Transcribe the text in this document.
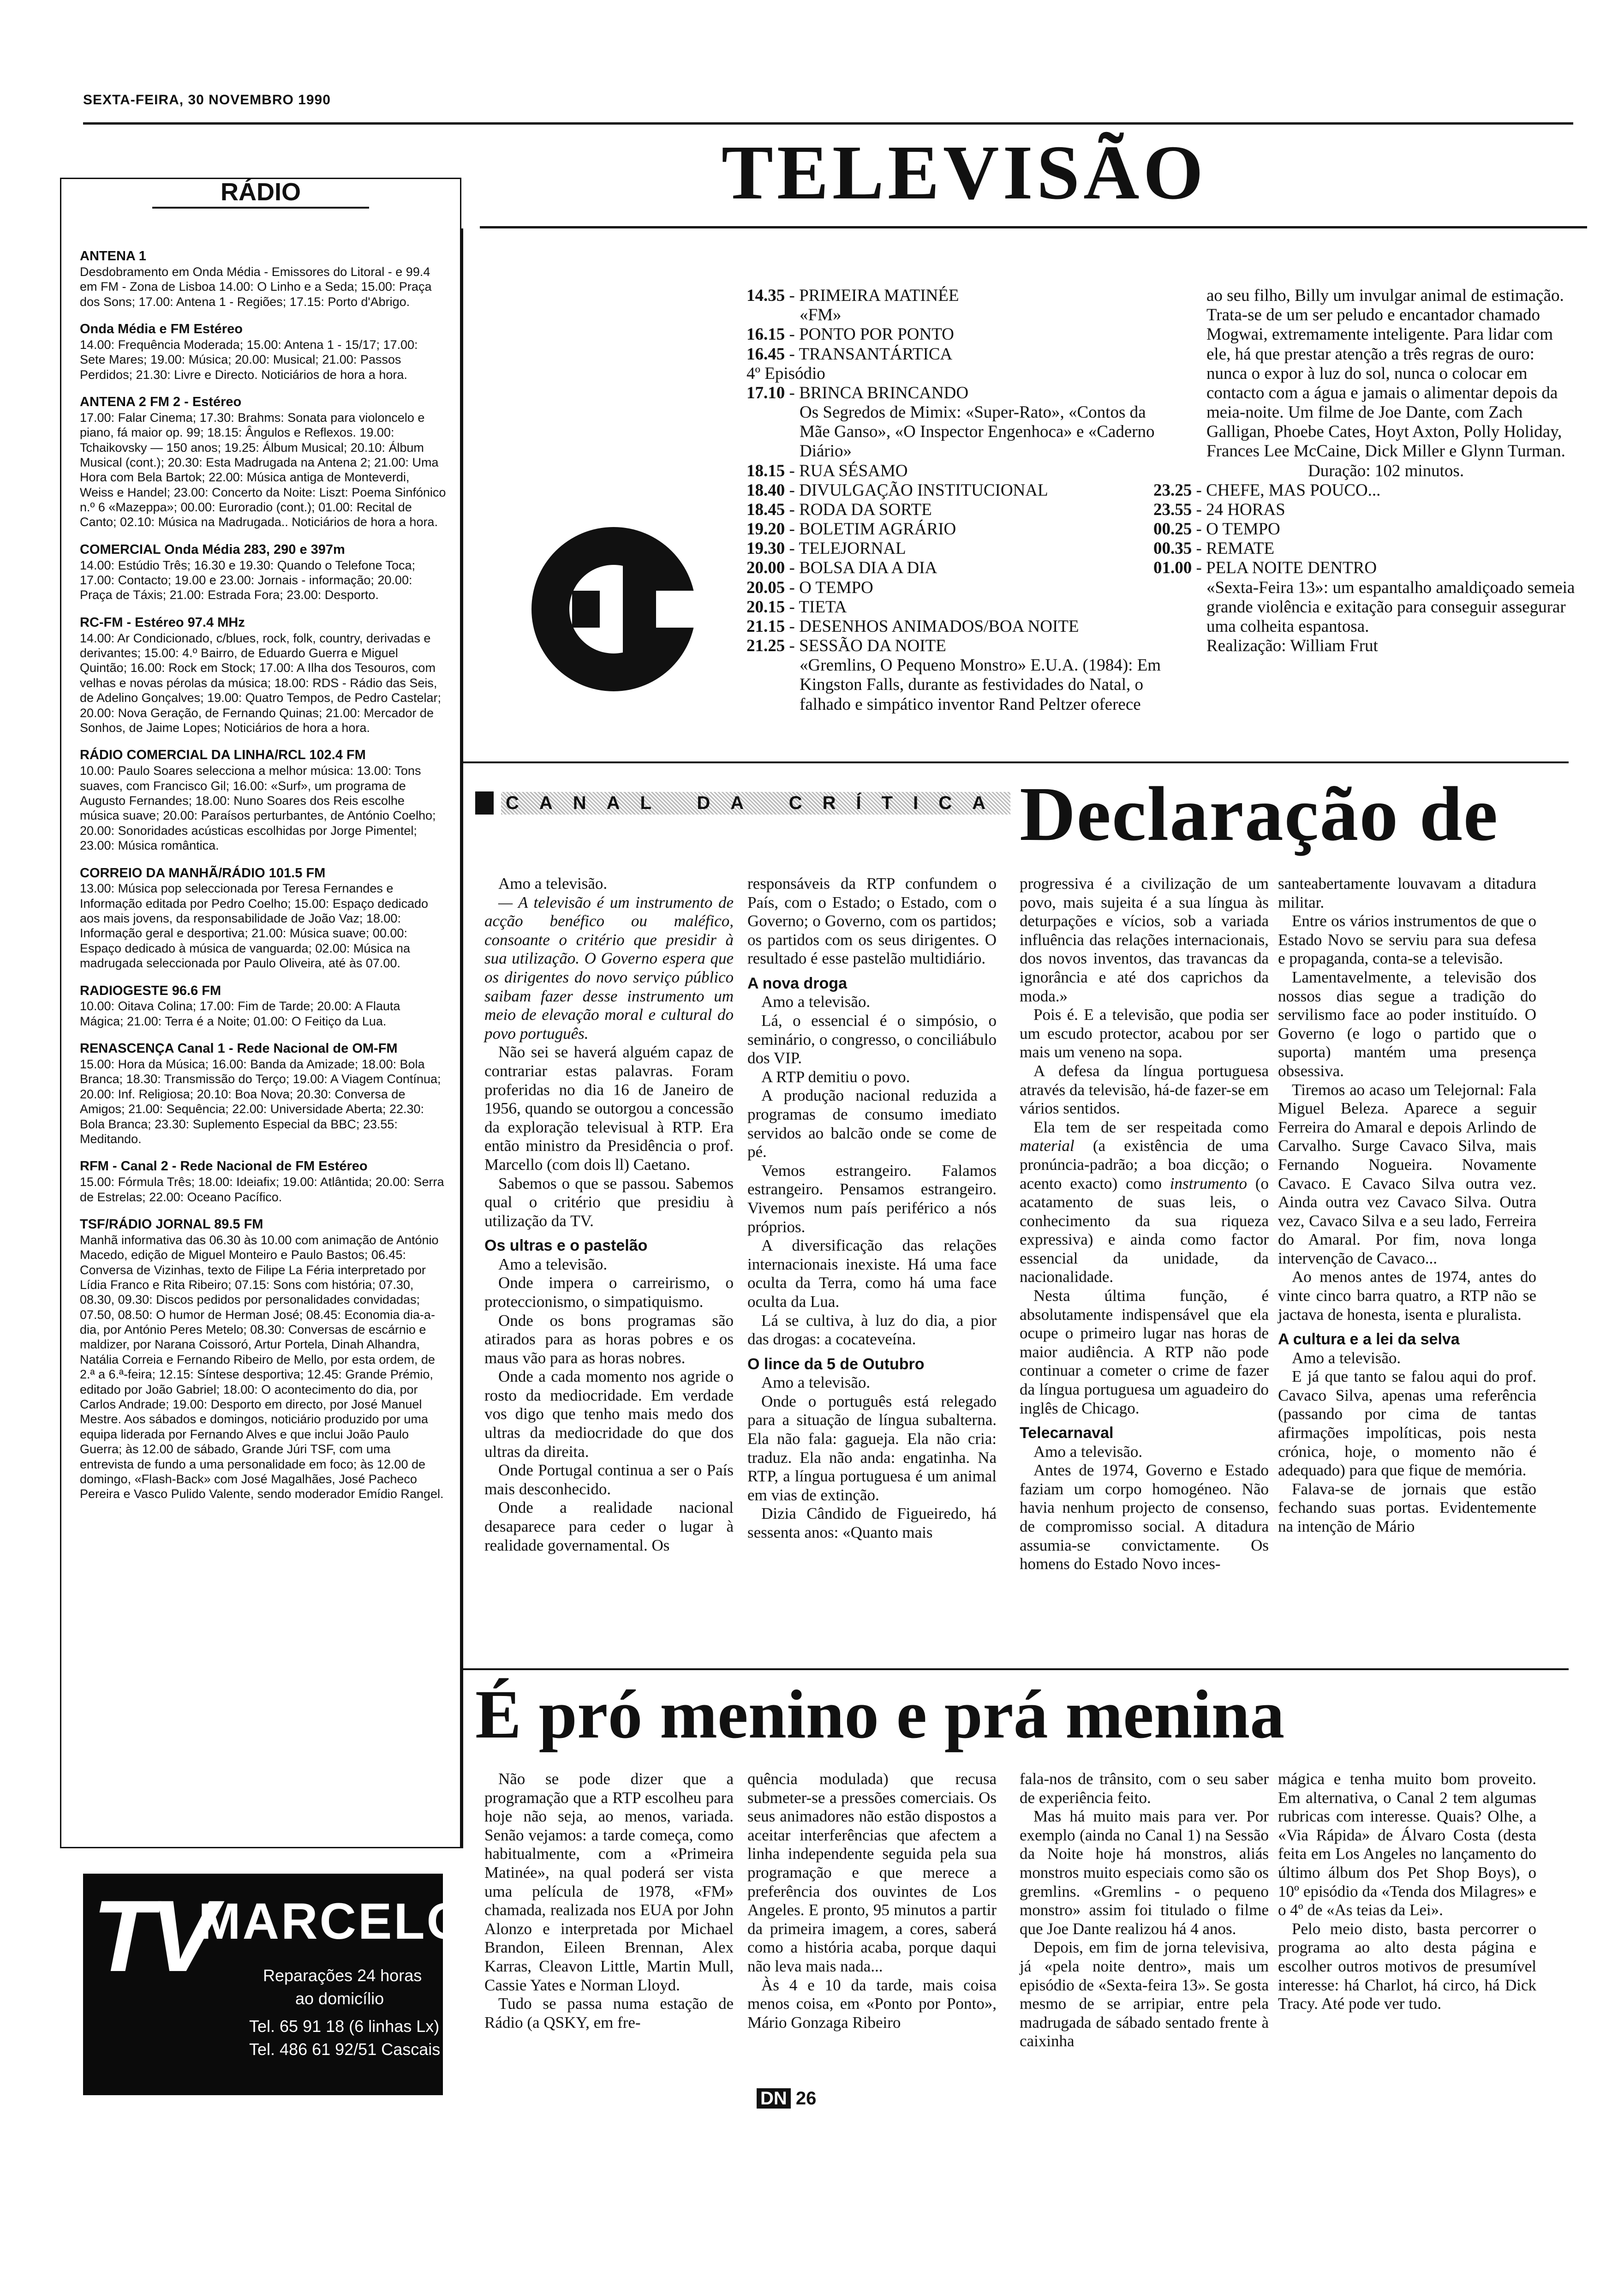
SEXTA-FEIRA, 30 NOVEMBRO 1990
TELEVISÃO
ANTENA 1

Desdobramento em Onda Média - Emissores do Litoral - e 99.4 em FM - Zona de Lisboa 14.00: O Linho e a Seda; 15.00: Praça dos Sons; 17.00: Antena 1 - Regiões; 17.15: Porto d'Abrigo.

Onda Média e FM Estéreo

14.00: Frequência Moderada; 15.00: Antena 1 - 15/17; 17.00: Sete Mares; 19.00: Música; 20.00: Musical; 21.00: Passos Perdidos; 21.30: Livre e Directo. Noticiários de hora a hora.

ANTENA 2 FM 2 - Estéreo

17.00: Falar Cinema; 17.30: Brahms: Sonata para violoncelo e piano, fá maior op. 99; 18.15: Ângulos e Reflexos. 19.00: Tchaikovsky — 150 anos; 19.25: Álbum Musical; 20.10: Álbum Musical (cont.); 20.30: Esta Madrugada na Antena 2; 21.00: Uma Hora com Bela Bartok; 22.00: Música antiga de Monteverdi, Weiss e Handel; 23.00: Concerto da Noite: Liszt: Poema Sinfónico n.º 6 «Mazeppa»; 00.00: Euroradio (cont.); 01.00: Recital de Canto; 02.10: Música na Madrugada.. Noticiários de hora a hora.

COMERCIAL Onda Média 283, 290 e 397m

14.00: Estúdio Três; 16.30 e 19.30: Quando o Telefone Toca; 17.00: Contacto; 19.00 e 23.00: Jornais - informação; 20.00: Praça de Táxis; 21.00: Estrada Fora; 23.00: Desporto.

RC-FM - Estéreo 97.4 MHz

14.00: Ar Condicionado, c/blues, rock, folk, country, derivadas e derivantes; 15.00: 4.º Bairro, de Eduardo Guerra e Miguel Quintão; 16.00: Rock em Stock; 17.00: A Ilha dos Tesouros, com velhas e novas pérolas da música; 18.00: RDS - Rádio das Seis, de Adelino Gonçalves; 19.00: Quatro Tempos, de Pedro Castelar; 20.00: Nova Geração, de Fernando Quinas; 21.00: Mercador de Sonhos, de Jaime Lopes; Noticiários de hora a hora.

RÁDIO COMERCIAL DA LINHA/RCL 102.4 FM

10.00: Paulo Soares selecciona a melhor música: 13.00: Tons suaves, com Francisco Gil; 16.00: «Surf», um programa de Augusto Fernandes; 18.00: Nuno Soares dos Reis escolhe música suave; 20.00: Paraísos perturbantes, de António Coelho; 20.00: Sonoridades acústicas escolhidas por Jorge Pimentel; 23.00: Música romântica.

CORREIO DA MANHÃ/RÁDIO 101.5 FM

13.00: Música pop seleccionada por Teresa Fernandes e Informação editada por Pedro Coelho; 15.00: Espaço dedicado aos mais jovens, da responsabilidade de João Vaz; 18.00: Informação geral e desportiva; 21.00: Música suave; 00.00: Espaço dedicado à música de vanguarda; 02.00: Música na madrugada seleccionada por Paulo Oliveira, até às 07.00.

RADIOGESTE 96.6 FM

10.00: Oitava Colina; 17.00: Fim de Tarde; 20.00: A Flauta Mágica; 21.00: Terra é a Noite; 01.00: O Feitiço da Lua.

RENASCENÇA Canal 1 - Rede Nacional de OM-FM

15.00: Hora da Música; 16.00: Banda da Amizade; 18.00: Bola Branca; 18.30: Transmissão do Terço; 19.00: A Viagem Contínua; 20.00: Inf. Religiosa; 20.10: Boa Nova; 20.30: Conversa de Amigos; 21.00: Sequência; 22.00: Universidade Aberta; 22.30: Bola Branca; 23.30: Suplemento Especial da BBC; 23.55: Meditando.

RFM - Canal 2 - Rede Nacional de FM Estéreo

15.00: Fórmula Três; 18.00: Ideiafix; 19.00: Atlântida; 20.00: Serra de Estrelas; 22.00: Oceano Pacífico.

TSF/RÁDIO JORNAL 89.5 FM

Manhã informativa das 06.30 às 10.00 com animação de António Macedo, edição de Miguel Monteiro e Paulo Bastos; 06.45: Conversa de Vizinhas, texto de Filipe La Féria interpretado por Lídia Franco e Rita Ribeiro; 07.15: Sons com história; 07.30, 08.30, 09.30: Discos pedidos por personalidades convidadas; 07.50, 08.50: O humor de Herman José; 08.45: Economia dia-a-dia, por António Peres Metelo; 08.30: Conversas de escárnio e maldizer, por Narana Coissoró, Artur Portela, Dinah Alhandra, Natália Correia e Fernando Ribeiro de Mello, por esta ordem, de 2.ª a 6.ª-feira; 12.15: Síntese desportiva; 12.45: Grande Prémio, editado por João Gabriel; 18.00: O acontecimento do dia, por Carlos Andrade; 19.00: Desporto em directo, por José Manuel Mestre. Aos sábados e domingos, noticiário produzido por uma equipa liderada por Fernando Alves e que inclui João Paulo Guerra; às 12.00 de sábado, Grande Júri TSF, com uma entrevista de fundo a uma personalidade em foco; às 12.00 de domingo, «Flash-Back» com José Magalhães, José Pacheco Pereira e Vasco Pulido Valente, sendo moderador Emídio Rangel.

RÁDIO
TV
MARCELO
Reparações 24 horas
ao domicílio
Tel. 65 91 18 (6 linhas Lx)
Tel. 486 61 92/51 Cascais
14.35 - PRIMEIRA MATINÉE
«FM»
16.15 - PONTO POR PONTO
16.45 - TRANSANTÁRTICA
4º Episódio
17.10 - BRINCA BRINCANDO
Os Segredos de Mimix: «Super-Rato», «Contos da Mãe Ganso», «O Inspector Engenhoca» e «Caderno Diário»
18.15 - RUA SÉSAMO
18.40 - DIVULGAÇÃO INSTITUCIONAL
18.45 - RODA DA SORTE
19.20 - BOLETIM AGRÁRIO
19.30 - TELEJORNAL
20.00 - BOLSA DIA A DIA
20.05 - O TEMPO
20.15 - TIETA
21.15 - DESENHOS ANIMADOS/BOA NOITE
21.25 - SESSÃO DA NOITE
«Gremlins, O Pequeno Monstro» E.U.A. (1984): Em Kingston Falls, durante as festividades do Natal, o falhado e simpático inventor Rand Peltzer oferece
ao seu filho, Billy um invulgar animal de estimação. Trata-se de um ser peludo e encantador chamado Mogwai, extremamente inteligente. Para lidar com ele, há que prestar atenção a três regras de ouro: nunca o expor à luz do sol, nunca o colocar em contacto com a água e jamais o alimentar depois da meia-noite. Um filme de Joe Dante, com Zach Galligan, Phoebe Cates, Hoyt Axton, Polly Holiday, Frances Lee McCaine, Dick Miller e Glynn Turman.
Duração: 102 minutos.
23.25 - CHEFE, MAS POUCO...
23.55 - 24 HORAS
00.25 - O TEMPO
00.35 - REMATE
01.00 - PELA NOITE DENTRO
«Sexta-Feira 13»: um espantalho amaldiçoado semeia grande violência e exitação para conseguir assegurar uma colheita espantosa.
Realização: William Frut
CANAL DA CRÍTICA Declaração de

Amo a televisão.

— A televisão é um instrumento de acção benéfico ou maléfico, consoante o critério que presidir à sua utilização. O Governo espera que os dirigentes do novo serviço público saibam fazer desse instrumento um meio de elevação moral e cultural do povo português.

Não sei se haverá alguém capaz de contrariar estas palavras. Foram proferidas no dia 16 de Janeiro de 1956, quando se outorgou a concessão da exploração televisual à RTP. Era então ministro da Presidência o prof. Marcello (com dois ll) Caetano.

Sabemos o que se passou. Sabemos qual o critério que presidiu à utilização da TV.

Os ultras e o pastelão

Amo a televisão.

Onde impera o carreirismo, o proteccionismo, o simpatiquismo.

Onde os bons programas são atirados para as horas pobres e os maus vão para as horas nobres.

Onde a cada momento nos agride o rosto da mediocridade. Em verdade vos digo que tenho mais medo dos ultras da mediocridade do que dos ultras da direita.

Onde Portugal continua a ser o País mais desconhecido.

Onde a realidade nacional desaparece para ceder o lugar à realidade governamental. Os

responsáveis da RTP confundem o País, com o Estado; o Estado, com o Governo; o Governo, com os partidos; os partidos com os seus dirigentes. O resultado é esse pastelão multidiário.

A nova droga

Amo a televisão.

Lá, o essencial é o simpósio, o seminário, o congresso, o conciliábulo dos VIP.

A RTP demitiu o povo.

A produção nacional reduzida a programas de consumo imediato servidos ao balcão onde se come de pé.

Vemos estrangeiro. Falamos estrangeiro. Pensamos estrangeiro. Vivemos num país periférico a nós próprios.

A diversificação das relações internacionais inexiste. Há uma face oculta da Terra, como há uma face oculta da Lua.

Lá se cultiva, à luz do dia, a pior das drogas: a cocateveína.

O lince da 5 de Outubro

Amo a televisão.

Onde o português está relegado para a situação de língua subalterna. Ela não fala: gagueja. Ela não cria: traduz. Ela não anda: engatinha. Na RTP, a língua portuguesa é um animal em vias de extinção.

Dizia Cândido de Figueiredo, há sessenta anos: «Quanto mais

progressiva é a civilização de um povo, mais sujeita é a sua língua às deturpações e vícios, sob a variada influência das relações internacionais, dos novos inventos, das travancas da ignorância e até dos caprichos da moda.»

Pois é. E a televisão, que podia ser um escudo protector, acabou por ser mais um veneno na sopa.

A defesa da língua portuguesa através da televisão, há-de fazer-se em vários sentidos.

Ela tem de ser respeitada como material (a existência de uma pronúncia-padrão; a boa dicção; o acento exacto) como instrumento (o acatamento de suas leis, o conhecimento da sua riqueza expressiva) e ainda como factor essencial da unidade, da nacionalidade.

Nesta última função, é absolutamente indispensável que ela ocupe o primeiro lugar nas horas de maior audiência. A RTP não pode continuar a cometer o crime de fazer da língua portuguesa um aguadeiro do inglês de Chicago.

Telecarnaval

Amo a televisão.

Antes de 1974, Governo e Estado faziam um corpo homogéneo. Não havia nenhum projecto de consenso, de compromisso social. A ditadura assumia-se convictamente. Os homens do Estado Novo inces-

santeabertamente louvavam a ditadura militar.

Entre os vários instrumentos de que o Estado Novo se serviu para sua defesa e propaganda, conta-se a televisão.

Lamentavelmente, a televisão dos nossos dias segue a tradição do servilismo face ao poder instituído. O Governo (e logo o partido que o suporta) mantém uma presença obsessiva.

Tiremos ao acaso um Telejornal: Fala Miguel Beleza. Aparece a seguir Ferreira do Amaral e depois Arlindo de Carvalho. Surge Cavaco Silva, mais Fernando Nogueira. Novamente Cavaco. E Cavaco Silva outra vez. Ainda outra vez Cavaco Silva. Outra vez, Cavaco Silva e a seu lado, Ferreira do Amaral. Por fim, nova longa intervenção de Cavaco...

Ao menos antes de 1974, antes do vinte cinco barra quatro, a RTP não se jactava de honesta, isenta e pluralista.

A cultura e a lei da selva

Amo a televisão.

E já que tanto se falou aqui do prof. Cavaco Silva, apenas uma referência (passando por cima de tantas afirmações impolíticas, pois nesta crónica, hoje, o momento não é adequado) para que fique de memória.

Falava-se de jornais que estão fechando suas portas. Evidentemente na intenção de Mário

É pró menino e prá menina

Não se pode dizer que a programação que a RTP escolheu para hoje não seja, ao menos, variada. Senão vejamos: a tarde começa, como habitualmente, com a «Primeira Matinée», na qual poderá ser vista uma película de 1978, «FM» chamada, realizada nos EUA por John Alonzo e interpretada por Michael Brandon, Eileen Brennan, Alex Karras, Cleavon Little, Martin Mull, Cassie Yates e Norman Lloyd.

Tudo se passa numa estação de Rádio (a QSKY, em fre-

quência modulada) que recusa submeter-se a pressões comerciais. Os seus animadores não estão dispostos a aceitar interferências que afectem a linha independente seguida pela sua programação e que merece a preferência dos ouvintes de Los Angeles. E pronto, 95 minutos a partir da primeira imagem, a cores, saberá como a história acaba, porque daqui não leva mais nada...

Às 4 e 10 da tarde, mais coisa menos coisa, em «Ponto por Ponto», Mário Gonzaga Ribeiro

fala-nos de trânsito, com o seu saber de experiência feito.

Mas há muito mais para ver. Por exemplo (ainda no Canal 1) na Sessão da Noite hoje há monstros, aliás monstros muito especiais como são os gremlins. «Gremlins - o pequeno monstro» assim foi titulado o filme que Joe Dante realizou há 4 anos.

Depois, em fim de jorna televisiva, já «pela noite dentro», mais um episódio de «Sexta-feira 13». Se gosta mesmo de se arripiar, entre pela madrugada de sábado sentado frente à caixinha

mágica e tenha muito bom proveito. Em alternativa, o Canal 2 tem algumas rubricas com interesse. Quais? Olhe, a «Via Rápida» de Álvaro Costa (desta feita em Los Angeles no lançamento do último álbum dos Pet Shop Boys), o 10º episódio da «Tenda dos Milagres» e o 4º de «As teias da Lei».

Pelo meio disto, basta percorrer o programa ao alto desta página e escolher outros motivos de presumível interesse: há Charlot, há circo, há Dick Tracy. Até pode ver tudo.

DN 26
